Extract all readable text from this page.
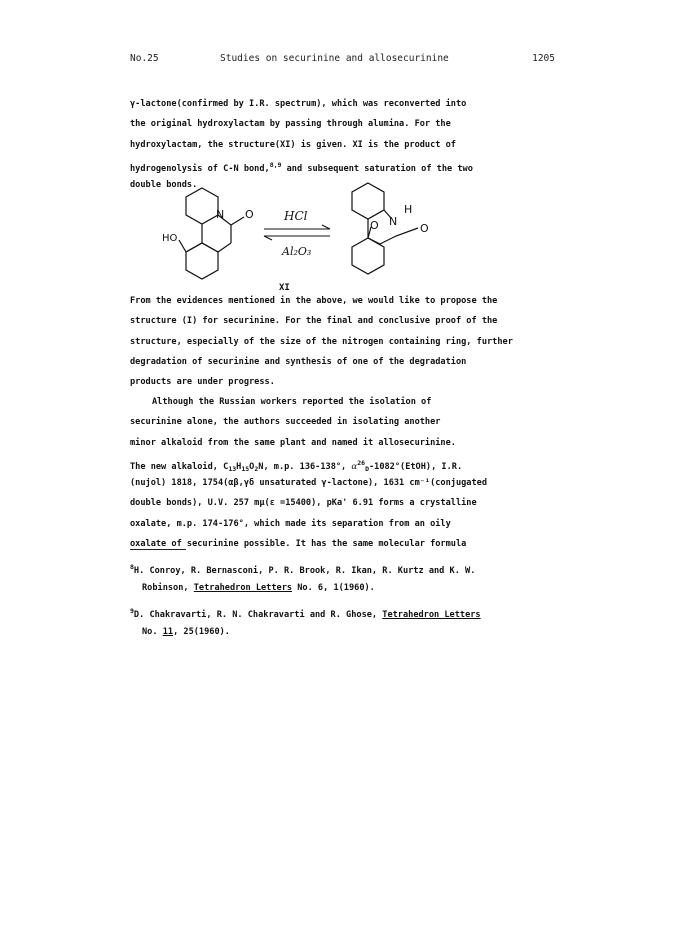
No.25	Studies on securinine and allosecurinine	1205
γ-lactone(confirmed by I.R. spectrum), which was reconverted into
the original hydroxylactam by passing through alumina. For the
hydroxylactam, the structure(XI) is given. XI is the product of
hydrogenolysis of C-N bond,$^{8,9}$ and subsequent saturation of the two
double bonds.
N O
HO
HCl
Al₂O₃
N
H
O	O
XI
From the evidences mentioned in the above, we would like to propose the
structure (I) for securinine. For the final and conclusive proof of the
structure, especially of the size of the nitrogen containing ring, further
degradation of securinine and synthesis of one of the degradation
products are under progress.
Although the Russian workers reported the isolation of
securinine alone, the authors succeeded in isolating another
minor alkaloid from the same plant and named it allosecurinine.
The new alkaloid, $C_{13}H_{15}O_2N$, m.p. 136-138°, $\alpha^{26}_D-1082^\circ(EtOH)$, I.R.
(nujol) 1818, 1754(αβ,γδ unsaturated γ-lactone), 1631 cm⁻¹(conjugated
double bonds), U.V. 257 mμ(ε =15400), pKa' 6.91 forms a crystalline
oxalate, m.p. 174-176°, which made its separation from an oily
oxalate of securinine possible. It has the same molecular formula
$^8$H. Conroy, R. Bernasconi, P. R. Brook, R. Ikan, R. Kurtz and K. W.
Robinson, Tetrahedron Letters No. 6, 1(1960).
$^9$D. Chakravarti, R. N. Chakravarti and R. Ghose, Tetrahedron Letters
No. 11, 25(1960).
